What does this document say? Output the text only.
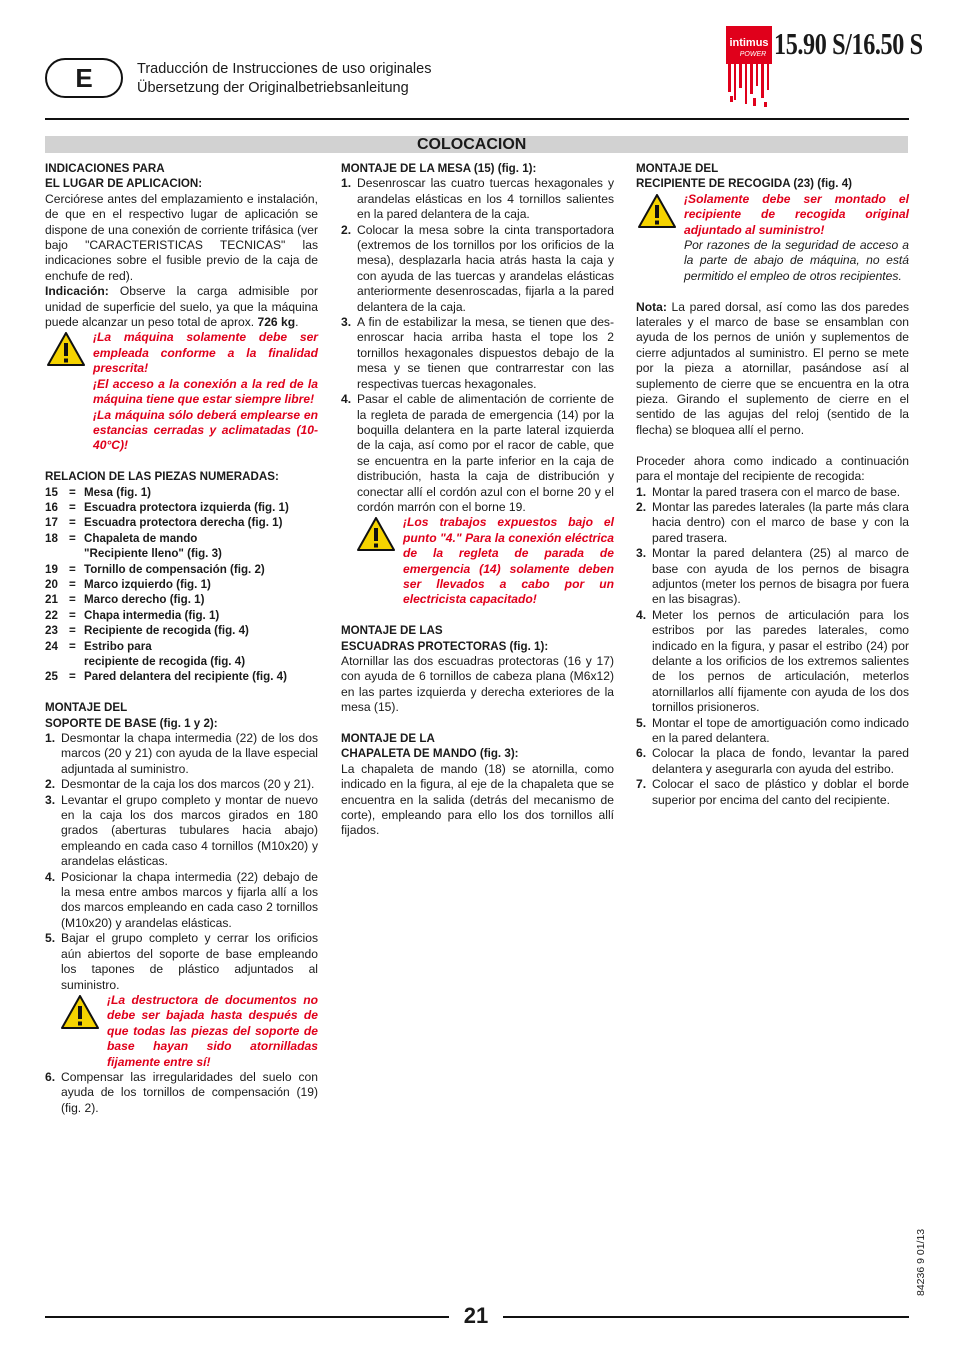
E	Traducción de Instrucciones de uso originales
Übersetzung der Originalbetriebsanleitung
intimus
POWER 15.90 S/16.50 S
COLOCACION
INDICACIONES PARA
EL LUGAR DE APLICACION:
Cerciórese antes del emplazamiento e instalación, de que en el respectivo lugar de aplicación se dispone de una conexión de corriente trifásica (ver bajo "CARACTERISTICAS TECNICAS" las indicaciones sobre el fusible previo de la caja de enchufe de red).
Indicación: Observe la carga admisible por unidad de superficie del suelo, ya que la máquina puede alcanzar un peso total de aprox. 726 kg.
¡La máquina solamente debe ser empleada conforme a la finalidad prescrita!
¡El acceso a la conexión a la red de la máquina tiene que estar siempre libre!
¡La máquina sólo deberá emplearse en estancias cerradas y aclimatadas (10-40°C)!
RELACION DE LAS PIEZAS NUMERADAS:
15 = Mesa (fig. 1)
16 = Escuadra protectora izquierda (fig. 1)
17 = Escuadra protectora derecha (fig. 1)
18 = Chapaleta de mando
"Recipiente lleno" (fig. 3)
19 = Tornillo de compensación (fig. 2)
20 = Marco izquierdo (fig. 1)
21 = Marco derecho (fig. 1)
22 = Chapa intermedia (fig. 1)
23 = Recipiente de recogida (fig. 4)
24 = Estribo para
recipiente de recogida (fig. 4)
25 = Pared delantera del recipiente (fig. 4)
MONTAJE DEL
SOPORTE DE BASE (fig. 1 y 2):
1. Desmontar la chapa intermedia (22) de los dos marcos (20 y 21) con ayuda de la llave especial adjuntada al suministro.
2. Desmontar de la caja los dos marcos (20 y 21).
3. Levantar el grupo completo y montar de nuevo en la caja los dos marcos girados en 180 grados (aberturas tubulares hacia abajo) empleando en cada caso 4 tornillos (M10x20) y arandelas elásticas.
4. Posicionar la chapa intermedia (22) debajo de la mesa entre ambos marcos y fijarla allí a los dos marcos empleando en cada caso 2 tornillos (M10x20) y arandelas elásticas.
5. Bajar el grupo completo y cerrar los orificios aún abiertos del soporte de base empleando los tapones de plástico adjuntados al suministro.
¡La destructora de documentos no debe ser bajada hasta después de que todas las piezas del soporte de base hayan sido atornilladas fijamente entre sí!
6. Compensar las irregularidades del suelo con ayuda de los tornillos de compensación (19) (fig. 2).
MONTAJE DE LA MESA (15) (fig. 1):
1. Desenroscar las cuatro tuercas hexagonales y arandelas elásticas en los 4 tornillos salientes en la pared delantera de la caja.
2. Colocar la mesa sobre la cinta transportadora (extremos de los tornillos por los orificios de la mesa), desplazarla hacia atrás hasta la caja y con ayuda de las tuercas y arandelas elásticas anteriormente desenroscadas, fijarla a la pared delantera de la caja.
3. A fin de estabilizar la mesa, se tienen que des-enroscar hacia arriba hasta el tope los 2 tornillos hexagonales dispuestos debajo de la mesa y se tienen que contrarrestar con las respectivas tuercas hexagonales.
4. Pasar el cable de alimentación de corriente de la regleta de parada de emergencia (14) por la boquilla delantera en la parte lateral izquierda de la caja, así como por el racor de cable, que se encuentra en la parte inferior en la caja de distribución, hasta la caja de distribución y conectar allí el cordón azul con el borne 20 y el cordón marrón con el borne 19.
¡Los trabajos expuestos bajo el punto "4." Para la conexión eléctrica de la regleta de parada de emergencia (14) solamente deben ser llevados a cabo por un electricista capacitado!
MONTAJE DE LAS
ESCUADRAS PROTECTORAS (fig. 1):
Atornillar las dos escuadras protectoras (16 y 17) con ayuda de 6 tornillos de cabeza plana (M6x12) en las partes izquierda y derecha exteriores de la mesa (15).
MONTAJE DE LA
CHAPALETA DE MANDO (fig. 3):
La chapaleta de mando (18) se atornilla, como indicado en la figura, al eje de la chapaleta que se encuentra en la salida (detrás del mecanismo de corte), empleando para ello los dos tornillos allí fijados.
MONTAJE DEL
RECIPIENTE DE RECOGIDA (23) (fig. 4)
¡Solamente debe ser montado el recipiente de recogida original adjuntado al suministro!
Por razones de la seguridad de acceso a la parte de abajo de máquina, no está permitido el empleo de otros recipientes.
Nota: La pared dorsal, así como las dos paredes laterales y el marco de base se ensamblan con ayuda de los pernos de unión y suplementos de cierre adjuntados al suministro. El perno se mete por la pieza a atornillar, pasándose así al suplemento de cierre que se encuentra en la otra pieza. Girando el suplemento de cierre en el sentido de las agujas del reloj (sentido de la flecha) se bloquea allí el perno.
Proceder ahora como indicado a continuación para el montaje del recipiente de recogida:
1. Montar la pared trasera con el marco de base.
2. Montar las paredes laterales (la parte más clara hacia dentro) con el marco de base y con la pared trasera.
3. Montar la pared delantera (25) al marco de base con ayuda de los pernos de bisagra adjuntos (meter los pernos de bisagra por fuera en las bisagras).
4. Meter los pernos de articulación para los estribos por las paredes laterales, como indicado en la figura, y pasar el estribo (24) por delante a los orificios de los extremos salientes de los pernos de articulación, meterlos atornillarlos allí fijamente con ayuda de los dos tornillos prisioneros.
5. Montar el tope de amortiguación como indicado en la pared delantera.
6. Colocar la placa de fondo, levantar la pared delantera y asegurarla con ayuda del estribo.
7. Colocar el saco de plástico y doblar el borde superior por encima del canto del recipiente.
84236 9 01/13
21
